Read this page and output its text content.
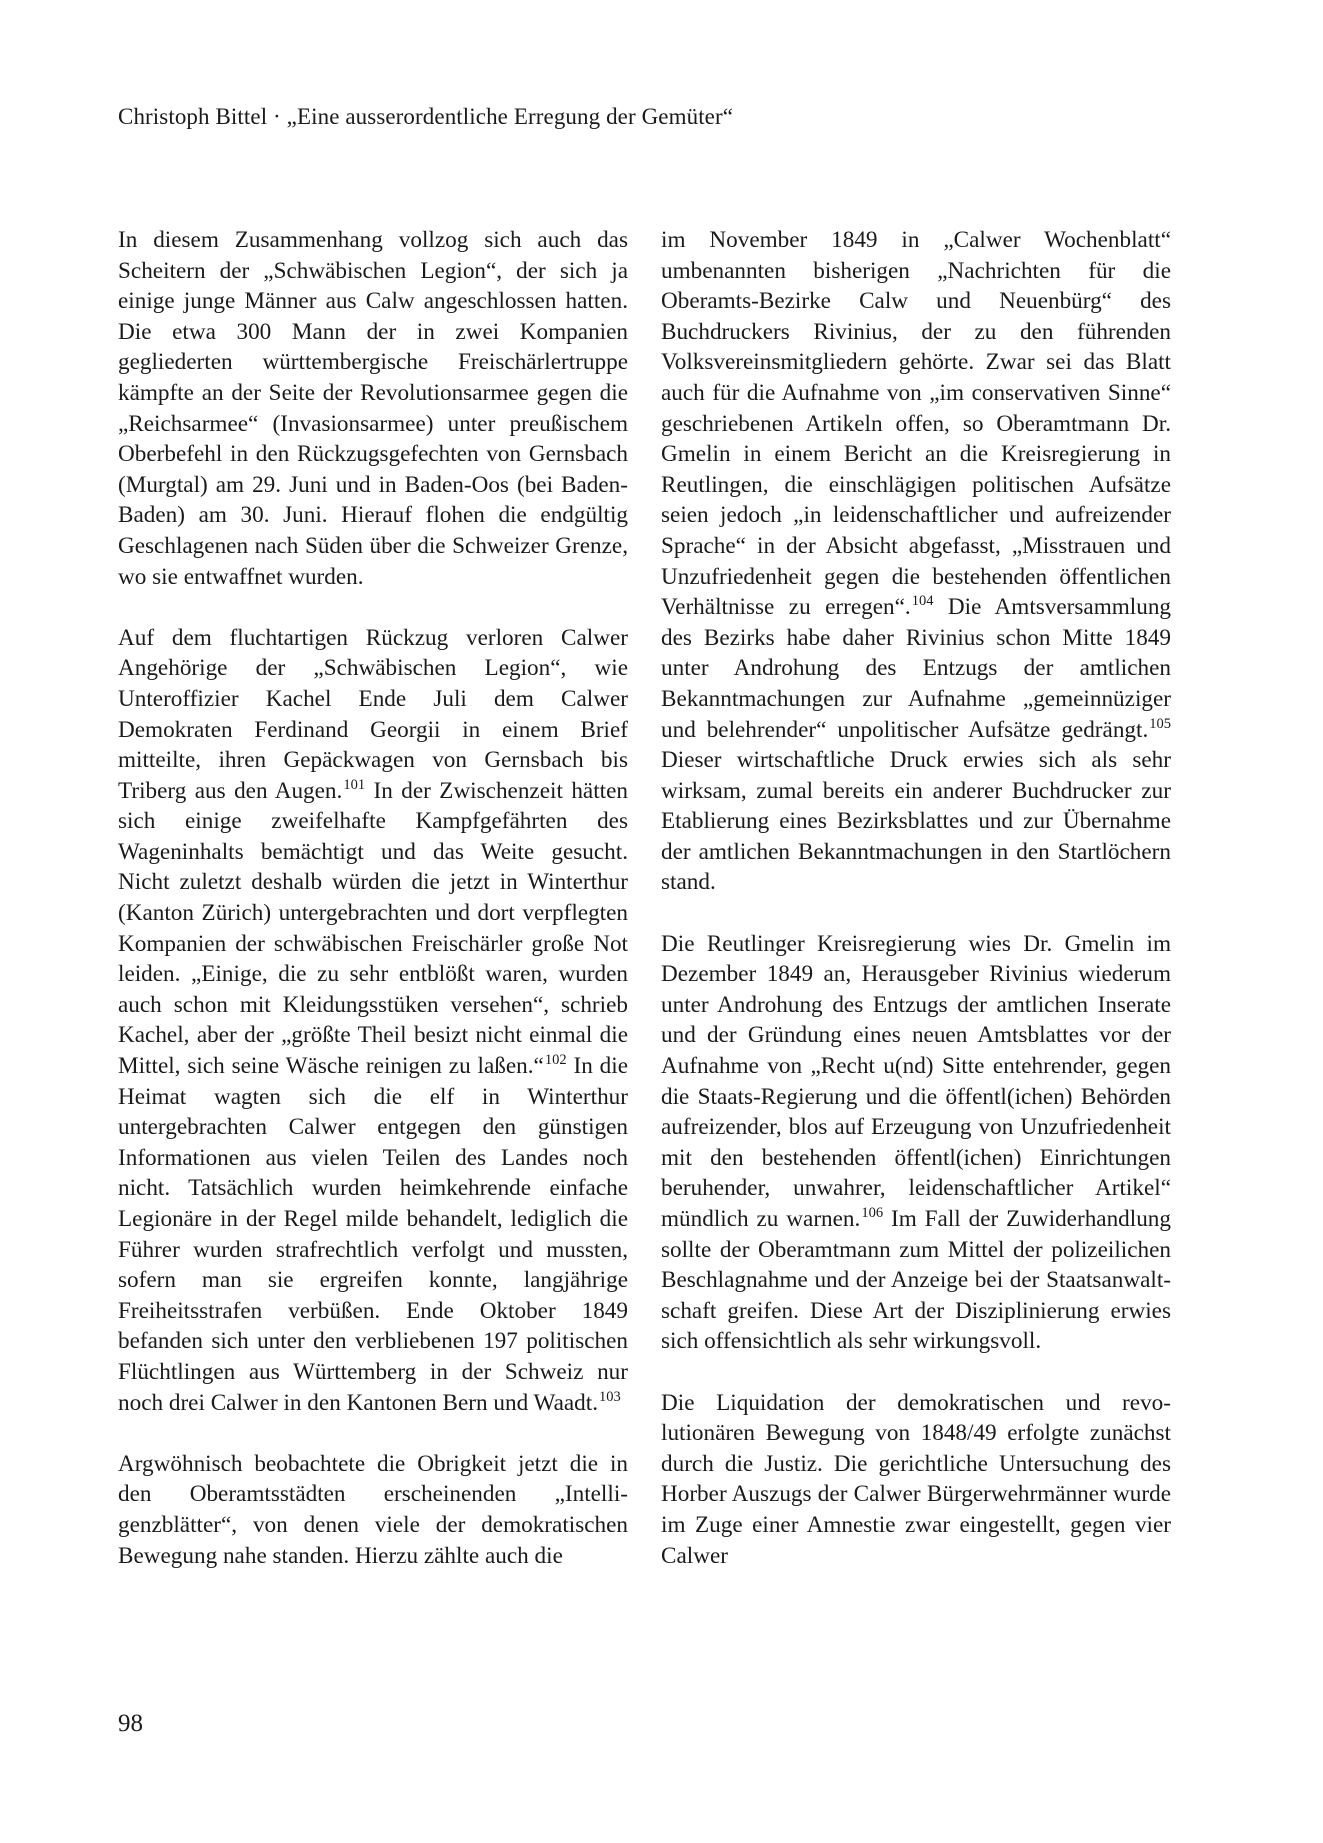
Christoph Bittel · „Eine ausserordentliche Erregung der Gemüter“

In diesem Zusammenhang vollzog sich auch das Scheitern der „Schwäbischen Legion“, der sich ja einige junge Männer aus Calw angeschlossen hatten. Die etwa 300 Mann der in zwei Kompanien gegliederten württembergische Freischärlertruppe kämpfte an der Seite der Revolutionsarmee gegen die „Reichsarmee“ (Invasionsarmee) unter preußischem Oberbefehl in den Rückzugsgefechten von Gernsbach (Murgtal) am 29. Juni und in Baden-Oos (bei Baden-Baden) am 30. Juni. Hierauf flohen die endgültig Geschlagenen nach Süden über die Schweizer Grenze, wo sie entwaffnet wurden.

Auf dem fluchtartigen Rückzug verloren Calwer Angehörige der „Schwäbischen Legion“, wie Unteroffizier Kachel Ende Juli dem Calwer Demokraten Ferdinand Georgii in einem Brief mitteilte, ihren Gepäckwagen von Gernsbach bis Triberg aus den Augen.$^{101}$ In der Zwischenzeit hätten sich einige zweifelhafte Kampfgefährten des Wageninhalts bemächtigt und das Weite gesucht. Nicht zuletzt deshalb würden die jetzt in Winterthur (Kanton Zürich) untergebrachten und dort verpflegten Kompanien der schwäbischen Freischärler große Not leiden. „Einige, die zu sehr entblößt waren, wurden auch schon mit Kleidungsstüken versehen“, schrieb Kachel, aber der „größte Theil besizt nicht einmal die Mittel, sich seine Wäsche reinigen zu laßen.“$^{102}$ In die Heimat wagten sich die elf in Winterthur untergebrachten Calwer entgegen den günstigen Informationen aus vielen Teilen des Landes noch nicht. Tatsächlich wurden heimkehrende einfache Legionäre in der Regel milde behandelt, lediglich die Führer wurden strafrechtlich verfolgt und mussten, sofern man sie ergreifen konnte, langjährige Freiheitsstrafen verbüßen. Ende Oktober 1849 befanden sich unter den verbliebenen 197 politischen Flüchtlingen aus Württemberg in der Schweiz nur noch drei Calwer in den Kantonen Bern und Waadt.$^{103}$

Argwöhnisch beobachtete die Obrigkeit jetzt die in den Oberamtsstädten erscheinenden „Intelligenzblätter“, von denen viele der demokratischen Bewegung nahe standen. Hierzu zählte auch die

im November 1849 in „Calwer Wochenblatt“ umbenannten bisherigen „Nachrichten für die Oberamts-Bezirke Calw und Neuenbürg“ des Buchdruckers Rivinius, der zu den führenden Volksvereinsmitgliedern gehörte. Zwar sei das Blatt auch für die Aufnahme von „im conservativen Sinne“ geschriebenen Artikeln offen, so Oberamtmann Dr. Gmelin in einem Bericht an die Kreisregierung in Reutlingen, die einschlägigen politischen Aufsätze seien jedoch „in leidenschaftlicher und aufreizender Sprache“ in der Absicht abgefasst, „Misstrauen und Unzufriedenheit gegen die bestehenden öffentlichen Verhältnisse zu erregen“.$^{104}$ Die Amtsversammlung des Bezirks habe daher Rivinius schon Mitte 1849 unter Androhung des Entzugs der amtlichen Bekanntmachungen zur Aufnahme „gemeinnüziger und belehrender“ unpolitischer Aufsätze gedrängt.$^{105}$ Dieser wirtschaftliche Druck erwies sich als sehr wirksam, zumal bereits ein anderer Buchdrucker zur Etablierung eines Bezirksblattes und zur Übernahme der amtlichen Bekanntmachungen in den Startlöchern stand.

Die Reutlinger Kreisregierung wies Dr. Gmelin im Dezember 1849 an, Herausgeber Rivinius wiederum unter Androhung des Entzugs der amtlichen Inserate und der Gründung eines neuen Amtsblattes vor der Aufnahme von „Recht u(nd) Sitte entehrender, gegen die Staats-Regierung und die öffentl(ichen) Behörden aufreizender, blos auf Erzeugung von Unzufriedenheit mit den bestehenden öffentl(ichen) Einrichtungen beruhender, unwahrer, leidenschaftlicher Artikel“ mündlich zu warnen.$^{106}$ Im Fall der Zuwiderhandlung sollte der Oberamtmann zum Mittel der polizeilichen Beschlagnahme und der Anzeige bei der Staatsanwaltschaft greifen. Diese Art der Disziplinierung erwies sich offensichtlich als sehr wirkungsvoll.

Die Liquidation der demokratischen und revolutionären Bewegung von 1848/49 erfolgte zunächst durch die Justiz. Die gerichtliche Untersuchung des Horber Auszugs der Calwer Bürgerwehrmänner wurde im Zuge einer Amnestie zwar eingestellt, gegen vier Calwer

98
